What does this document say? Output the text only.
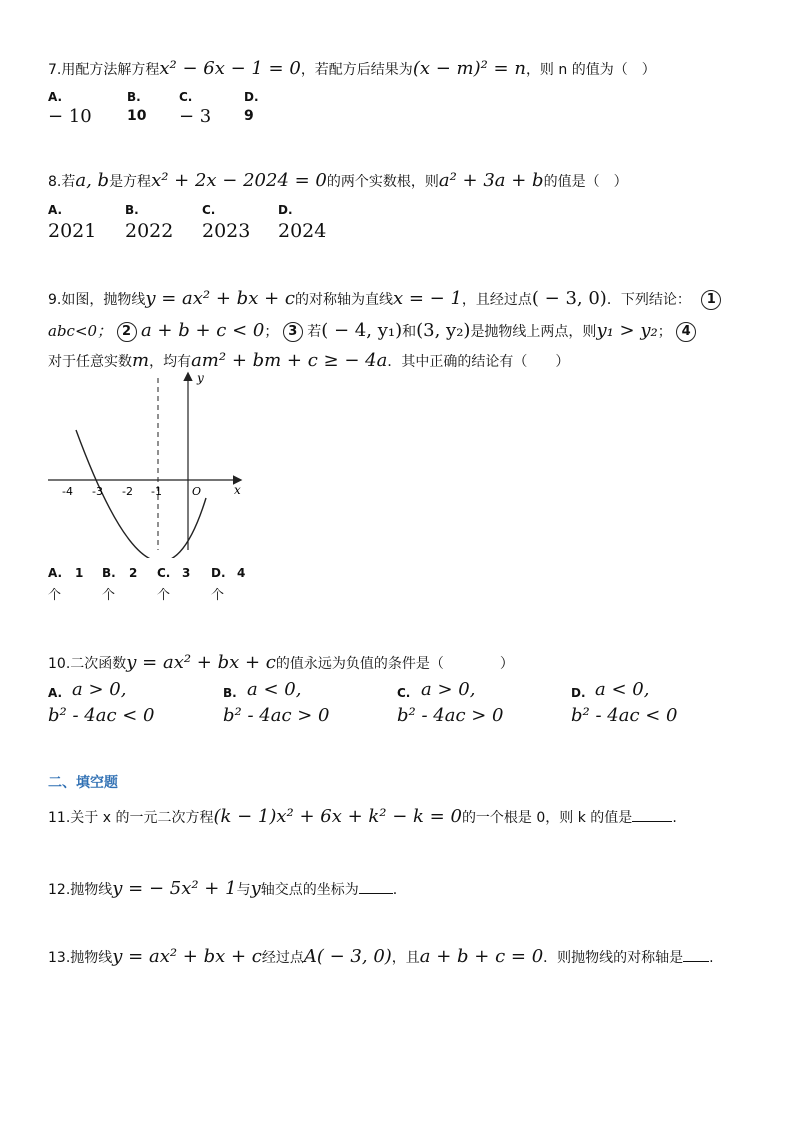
7.用配方法解方程x² − 6x − 1 = 0，若配方后结果为(x − m)² = n，则 n 的值为（　）
A.	B.	C.	D.
− 10	10 − 3 9
8.若a, b是方程x² + 2x − 2024 = 0的两个实数根，则a² + 3a + b的值是（　）
A.	B.	C.	D.
2021 2022 2023 2024
9.如图，抛物线y = ax² + bx + c的对称轴为直线x = − 1，且经过点( − 3, 0)．下列结论： 1
abc<0； 2 a + b + c < 0； 3 若( − 4, y₁)和(3, y₂)是抛物线上两点，则y₁ > y₂； 4
对于任意实数m，均有am² + bm + c ≥ − 4a．其中正确的结论有（　　）
y
x
O
-4 -3 -2 -1
A. 1
个
B. 2
个
C. 3
个
D. 4
个
10.二次函数y = ax² + bx + c的值永远为负值的条件是（　　　　）
A. a > 0,
b² - 4ac < 0
B. a < 0,
b² - 4ac > 0
C. a > 0,
b² - 4ac > 0
D. a < 0,
b² - 4ac < 0
二、填空题
11.关于 x 的一元二次方程(k − 1)x² + 6x + k² − k = 0的一个根是 0，则 k 的值是	.
12.抛物线y = − 5x² + 1与y轴交点的坐标为 .
13.抛物线y = ax² + bx + c经过点A( − 3, 0)，且a + b + c = 0．则抛物线的对称轴是 .
